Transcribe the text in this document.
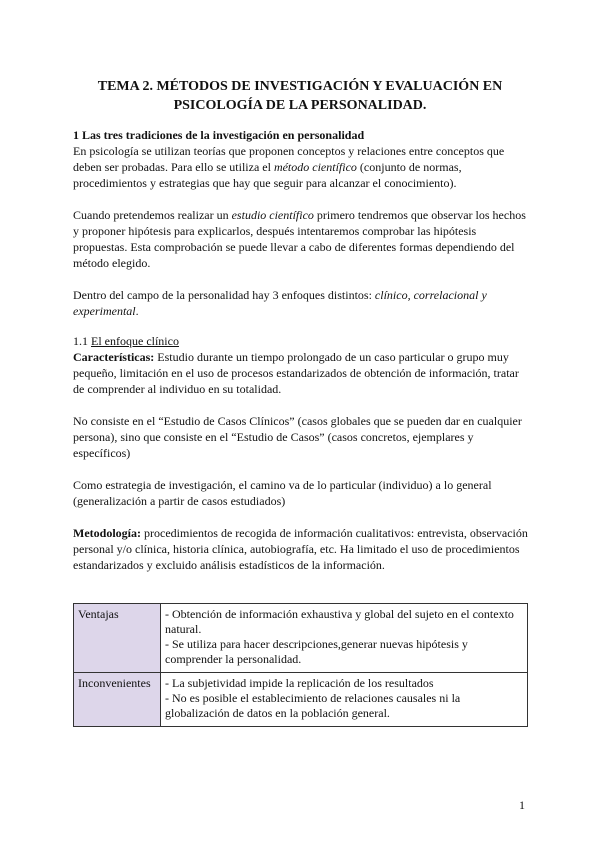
TEMA 2. MÉTODOS DE INVESTIGACIÓN Y EVALUACIÓN EN PSICOLOGÍA DE LA PERSONALIDAD.
1 Las tres tradiciones de la investigación en personalidad

En psicología se utilizan teorías que proponen conceptos y relaciones entre conceptos que deben ser probadas. Para ello se utiliza el método científico (conjunto de normas, procedimientos y estrategias que hay que seguir para alcanzar el conocimiento).

Cuando pretendemos realizar un estudio científico primero tendremos que observar los hechos y proponer hipótesis para explicarlos, después intentaremos comprobar las hipótesis propuestas. Esta comprobación se puede llevar a cabo de diferentes formas dependiendo del método elegido.

Dentro del campo de la personalidad hay 3 enfoques distintos: clínico, correlacional y experimental.

1.1 El enfoque clínico

Características: Estudio durante un tiempo prolongado de un caso particular o grupo muy pequeño, limitación en el uso de procesos estandarizados de obtención de información, tratar de comprender al individuo en su totalidad.

No consiste en el “Estudio de Casos Clínicos” (casos globales que se pueden dar en cualquier persona), sino que consiste en el “Estudio de Casos” (casos concretos, ejemplares y específicos)

Como estrategia de investigación, el camino va de lo particular (individuo) a lo general (generalización a partir de casos estudiados)

Metodología: procedimientos de recogida de información cualitativos: entrevista, observación personal y/o clínica, historia clínica, autobiografía, etc. Ha limitado el uso de procedimientos estandarizados y excluido análisis estadísticos de la información.

Ventajas	- Obtención de información exhaustiva y global del sujeto en el contexto natural.
- Se utiliza para hacer descripciones,generar nuevas hipótesis y comprender la personalidad.

Inconvenientes	- La subjetividad impide la replicación de los resultados
- No es posible el establecimiento de relaciones causales ni la globalización de datos en la población general.
1
